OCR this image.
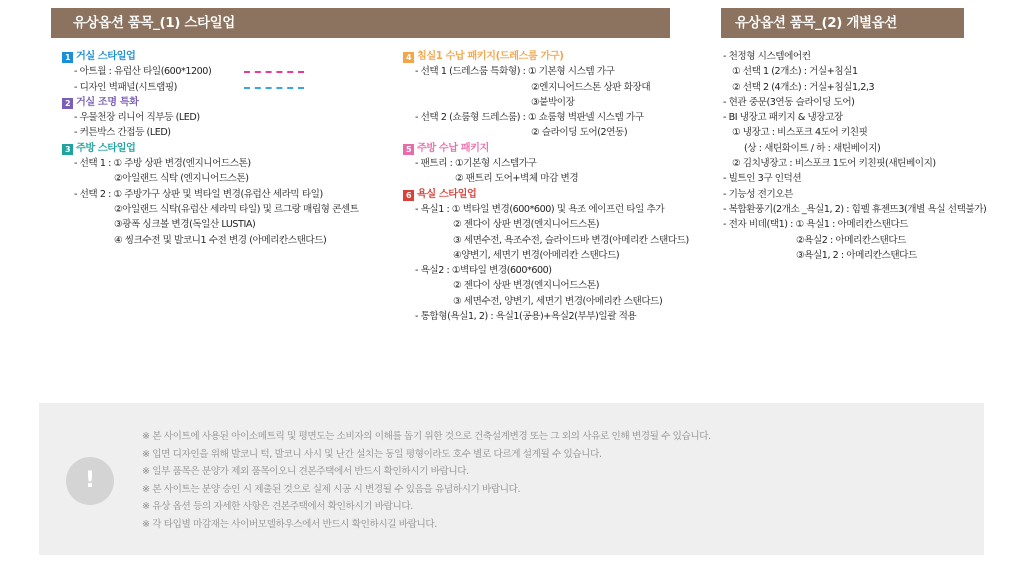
유상옵션 품목_(1) 스타일업	유상옵션 품목_(2) 개별옵션
1 거실 스타일업
- 아트월 : 유럽산 타일(600*1200)
- 디자인 벽패널(시트랩핑)
2 거실 조명 특화
- 우물천장 리니어 직부등 (LED)
- 커튼박스 간접등 (LED)
3 주방 스타일업
- 선택 1 : ① 주방 상판 변경(엔지니어드스톤)
②아일랜드 식탁 (엔지니어드스톤)
- 선택 2 : ① 주방가구 상판 및 벽타일 변경(유럽산 세라믹 타일)
②아일랜드 식탁(유럽산 세라믹 타일) 및 르그랑 매립형 콘센트
③광폭 싱크볼 변경(독일산 LUSTIA)
④ 씽크수전 및 발코니1 수전 변경 (아메리칸스탠다드)
4 침실1 수납 패키지(드레스룸 가구)
- 선택 1 (드레스룸 특화형) : ① 기본형 시스템 가구
②엔지니어드스톤 상판 화장대
③붙박이장
- 선택 2 (쇼룸형 드레스룸) : ① 쇼룸형 벽판넬 시스템 가구
② 슬라이딩 도어(2연동)
5 주방 수납 패키지
- 팬트리 : ①기본형 시스템가구
② 팬트리 도어+벽체 마감 변경
6 욕실 스타일업
- 욕실1 : ① 벽타일 변경(600*600) 및 욕조 에이프런 타일 추가
② 젠다이 상판 변경(엔지니어드스톤)
③ 세면수전, 욕조수전, 슬라이드바 변경(아메리칸 스탠다드)
④양변기, 세면기 변경(아메리칸 스탠다드)
- 욕실2 : ①벽타일 변경(600*600)
② 젠다이 상판 변경(엔지니어드스톤)
③ 세면수전, 양변기, 세면기 변경(아메리칸 스탠다드)
- 통합형(욕실1, 2) : 욕실1(공용)+욕실2(부부)일괄 적용
- 천정형 시스템에어컨
① 선택 1 (2개소) : 거실+침실1
② 선택 2 (4개소) : 거실+침실1,2,3
- 현관 중문(3연동 슬라이딩 도어)
- BI 냉장고 패키지 & 냉장고장
① 냉장고 : 비스포크 4도어 키친핏
(상 : 새틴화이트 / 하 : 새틴베이지)
② 김치냉장고 : 비스포크 1도어 키친핏(새틴베이지)
- 빌트인 3구 인덕션
- 기능성 전기오븐
- 복합환풍기(2개소 _욕실1, 2) : 힘펠 휴젠뜨3(개별 욕실 선택불가)
- 전자 비데(택1) : ① 욕실1 : 아메리칸스탠다드
②욕실2 : 아메리칸스탠다드
③욕실1, 2 : 아메리칸스탠다드
!
※ 본 사이트에 사용된 아이소메트릭 및 평면도는 소비자의 이해를 돕기 위한 것으로 건축설계변경 또는 그 외의 사유로 인해 변경될 수 있습니다.
※ 입면 디자인을 위해 발코니 턱, 발코니 사시 및 난간 설치는 동일 평형이라도 호수 별로 다르게 설계될 수 있습니다.
※ 일부 품목은 분양가 제외 품목이오니 견본주택에서 반드시 확인하시기 바랍니다.
※ 본 사이트는 분양 승인 시 제출된 것으로 실제 시공 시 변경될 수 있음을 유념하시기 바랍니다.
※ 유상 옵션 등의 자세한 사항은 견본주택에서 확인하시기 바랍니다.
※ 각 타입별 마감재는 사이버모델하우스에서 반드시 확인하시길 바랍니다.
